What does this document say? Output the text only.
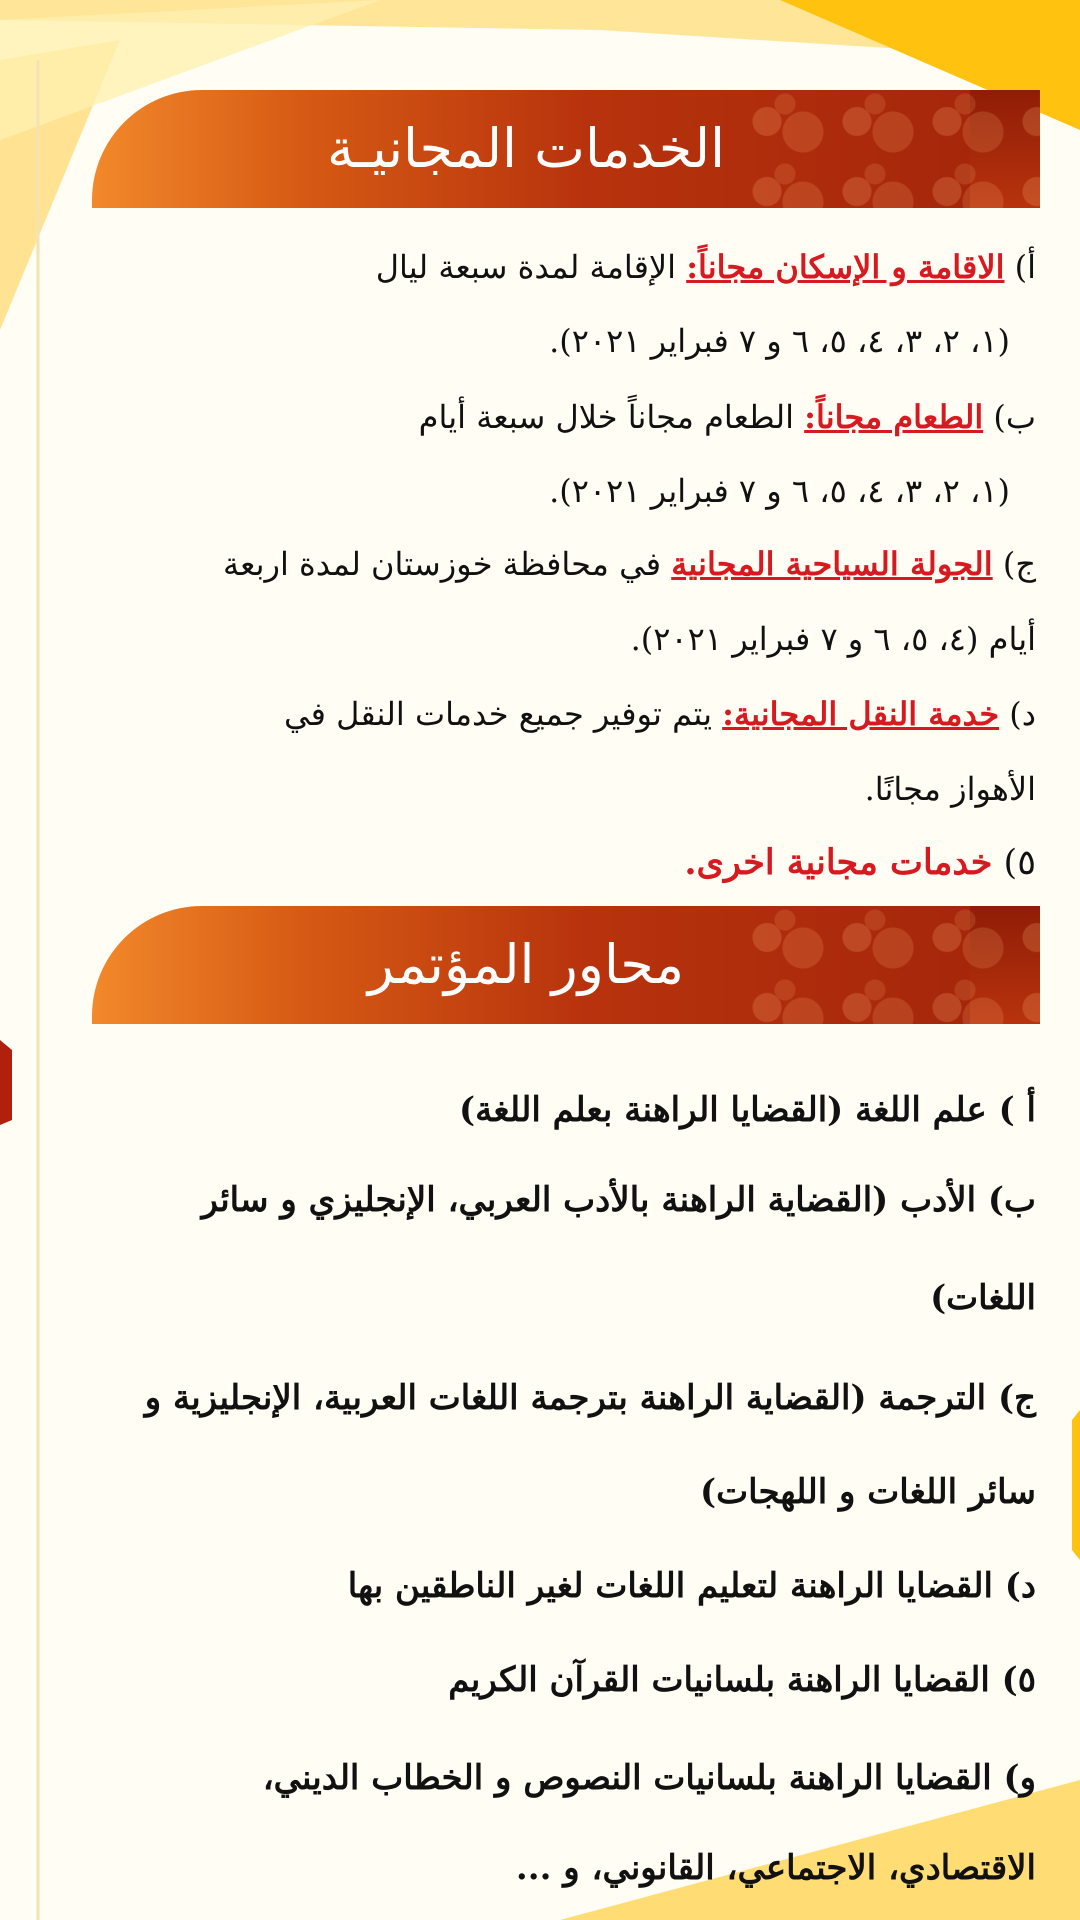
الخدمات المجانيـة
أ) الاقامة و الإسكان مجاناً: الإقامة لمدة سبعة ليال
(١، ٢، ٣، ٤، ٥، ٦ و ٧ فبراير ٢٠٢١).
ب) الطعام مجاناً: الطعام مجاناً خلال سبعة أيام
(١، ٢، ٣، ٤، ٥، ٦ و ٧ فبراير ٢٠٢١).
ج) الجولة السياحية المجانية في محافظة خوزستان لمدة اربعة
أيام (٤، ٥، ٦ و ٧ فبراير ٢٠٢١).
د) خدمة النقل المجانية: يتم توفير جميع خدمات النقل في
الأهواز مجانًا.
٥) خدمات مجانية اخرى.
محاور المؤتمر
أ ) علم اللغة (القضايا الراهنة بعلم اللغة)
ب) الأدب (القضاية الراهنة بالأدب العربي، الإنجليزي و سائر
اللغات)
ج) الترجمة (القضاية الراهنة بترجمة اللغات العربية، الإنجليزية و
سائر اللغات و اللهجات)
د) القضايا الراهنة لتعليم اللغات لغير الناطقين بها
٥) القضايا الراهنة بلسانيات القرآن الكريم
و) القضايا الراهنة بلسانيات النصوص و الخطاب الديني،
الاقتصادي، الاجتماعي، القانوني، و ...
